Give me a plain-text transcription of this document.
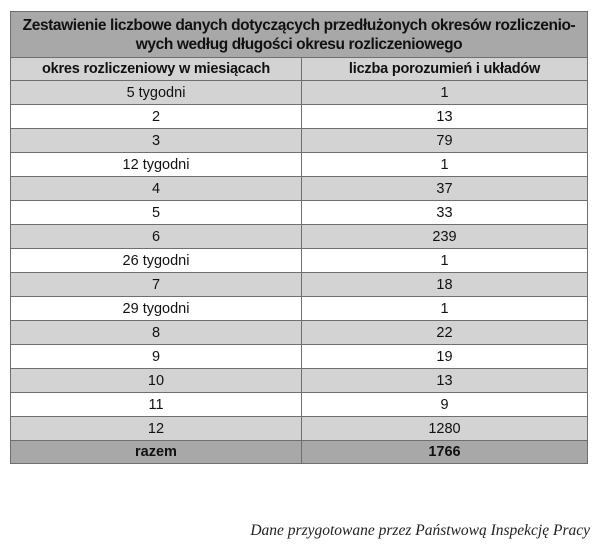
Zestawienie liczbowe danych dotyczących przedłużonych okresów rozliczenio-
wych według długości okresu rozliczeniowego	

okres rozliczeniowy w miesiącach	liczba porozumień i układów
5 tygodni	1
2	13
3	79
12 tygodni	1
4	37
5	33
6	239
26 tygodni	1
7	18
29 tygodni	1
8	22
9	19
10	13
11	9
12	1280
razem	1766
Dane przygotowane przez Państwową Inspekcję Pracy
